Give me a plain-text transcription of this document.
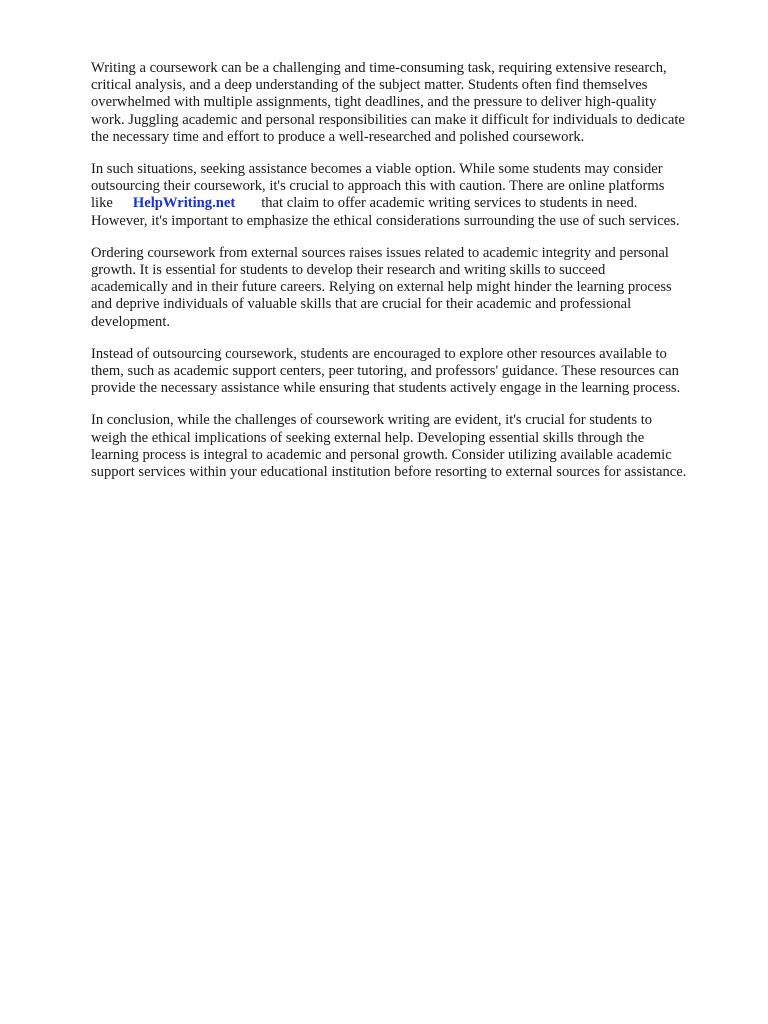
Writing a coursework can be a challenging and time-consuming task, requiring extensive research,
critical analysis, and a deep understanding of the subject matter. Students often find themselves
overwhelmed with multiple assignments, tight deadlines, and the pressure to deliver high-quality
work. Juggling academic and personal responsibilities can make it difficult for individuals to dedicate
the necessary time and effort to produce a well-researched and polished coursework.

In such situations, seeking assistance becomes a viable option. While some students may consider
outsourcing their coursework, it's crucial to approach this with caution. There are online platforms
like HelpWriting.net that claim to offer academic writing services to students in need.
However, it's important to emphasize the ethical considerations surrounding the use of such services.

Ordering coursework from external sources raises issues related to academic integrity and personal
growth. It is essential for students to develop their research and writing skills to succeed
academically and in their future careers. Relying on external help might hinder the learning process
and deprive individuals of valuable skills that are crucial for their academic and professional
development.

Instead of outsourcing coursework, students are encouraged to explore other resources available to
them, such as academic support centers, peer tutoring, and professors' guidance. These resources can
provide the necessary assistance while ensuring that students actively engage in the learning process.

In conclusion, while the challenges of coursework writing are evident, it's crucial for students to
weigh the ethical implications of seeking external help. Developing essential skills through the
learning process is integral to academic and personal growth. Consider utilizing available academic
support services within your educational institution before resorting to external sources for assistance.
